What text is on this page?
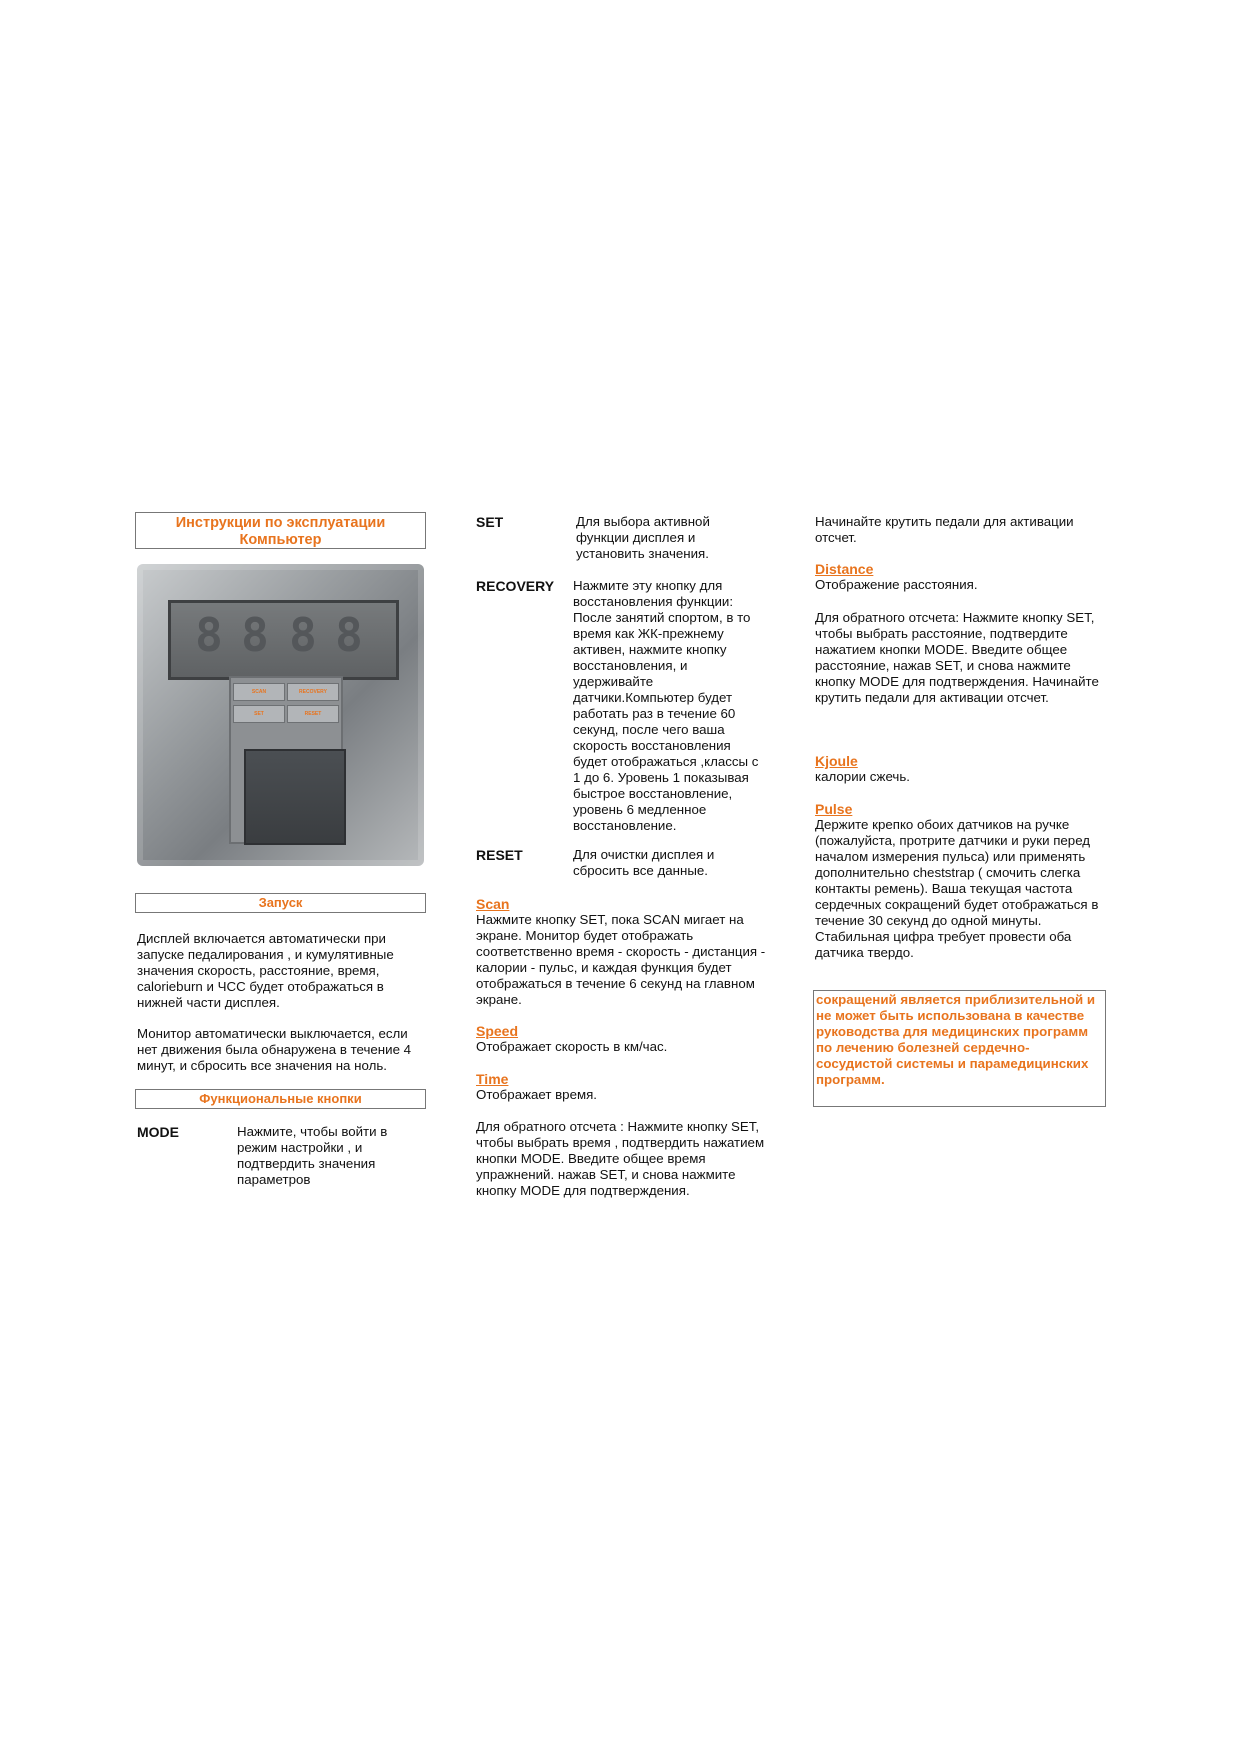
Инструкции по эксплуатации
Компьютер
8 8 8 8
SCAN	RECOVERY
SET	RESET
Запуск
Дисплей включается автоматически при запуске педалирования , и кумулятивные значения скорость, расстояние, время, calorieburn и ЧСС будет отображаться в нижней части дисплея.
Монитор автоматически выключается, если нет движения была обнаружена в течение 4 минут, и сбросить все значения на ноль.
Функциональные кнопки
MODE	Нажмите, чтобы войти в режим настройки , и подтвердить значения параметров
SET	Для выбора активной функции дисплея и установить значения.
RECOVERY Нажмите эту кнопку для восстановления функции: После занятий спортом, в то время как ЖК-прежнему активен, нажмите кнопку восстановления, и удерживайте датчики.Компьютер будет работать раз в течение 60 секунд, после чего ваша скорость восстановления будет отображаться ,классы с 1 до 6. Уровень 1 показывая быстрое восстановление, уровень 6 медленное восстановление.
RESET	Для очистки дисплея и сбросить все данные.
Scan
Нажмите кнопку SET, пока SCAN мигает на экране. Монитор будет отображать соответственно время - скорость - дистанция - калории - пульс, и каждая функция будет отображаться в течение 6 секунд на главном экране.
Speed
Отображает скорость в км/час.
Time
Отображает время.
Для обратного отсчета : Нажмите кнопку SET, чтобы выбрать время , подтвердить нажатием кнопки MODE. Введите общее время упражнений. нажав SET, и снова нажмите кнопку MODE для подтверждения.
Начинайте крутить педали для активации отсчет.
Distance
Отображение расстояния.
Для обратного отсчета: Нажмите кнопку SET, чтобы выбрать расстояние, подтвердите нажатием кнопки MODE. Введите общее расстояние, нажав SET, и снова нажмите кнопку MODE для подтверждения. Начинайте крутить педали для активации отсчет.
Kjoule
калории сжечь.
Pulse
Держите крепко обоих датчиков на ручке (пожалуйста, протрите датчики и руки перед началом измерения пульса) или применять дополнительно cheststrap ( смочить слегка контакты ремень). Ваша текущая частота сердечных сокращений будет отображаться в течение 30 секунд до одной минуты. Стабильная цифра требует провести оба датчика твердо.
сокращений является приблизительной и не может быть использована в качестве руководства для медицинских программ по лечению болезней сердечно-сосудистой системы и парамедицинских программ.
